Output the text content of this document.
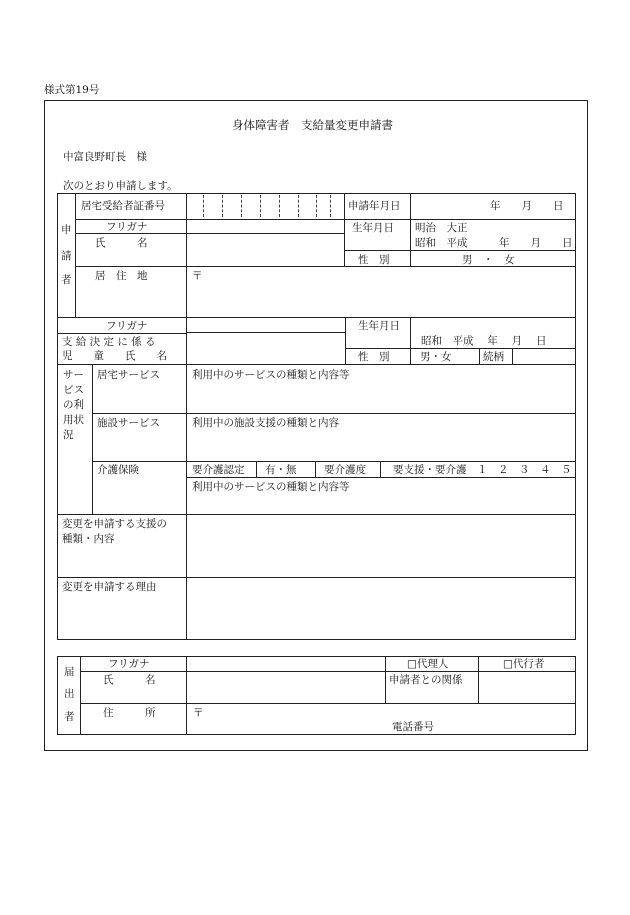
様式第19号
身体障害者　支給量変更申請書
中富良野町長　様
次のとおり申請します。
申
請
者
居宅受給者証番号	申請年月日	年　　月　　日
フリガナ
氏　　　名
生年月日 明治　大正
昭和　平成　　　年　　月　　日
性　別	男　・　女
居　住　地	〒
フリガナ
支 給 決 定 に 係 る
児　　童　　氏　　名
生年月日
昭和　平成　 年　 月　 日
性　別	男・女	続柄
サー
ビス
の利
用状
況
居宅サービス	利用中のサービスの種類と内容等
施設サービス	利用中の施設支援の種類と内容
介護保険	要介護認定 有・無	要介護度	要支援・要介護　１　２　３　４　５
利用中のサービスの種類と内容等
変更を申請する支援の
種類・内容
変更を申請する理由
届
出
者
フリガナ	□代理人	□代行者
氏　　　名	申請者との関係
住　　　所	〒
電話番号
